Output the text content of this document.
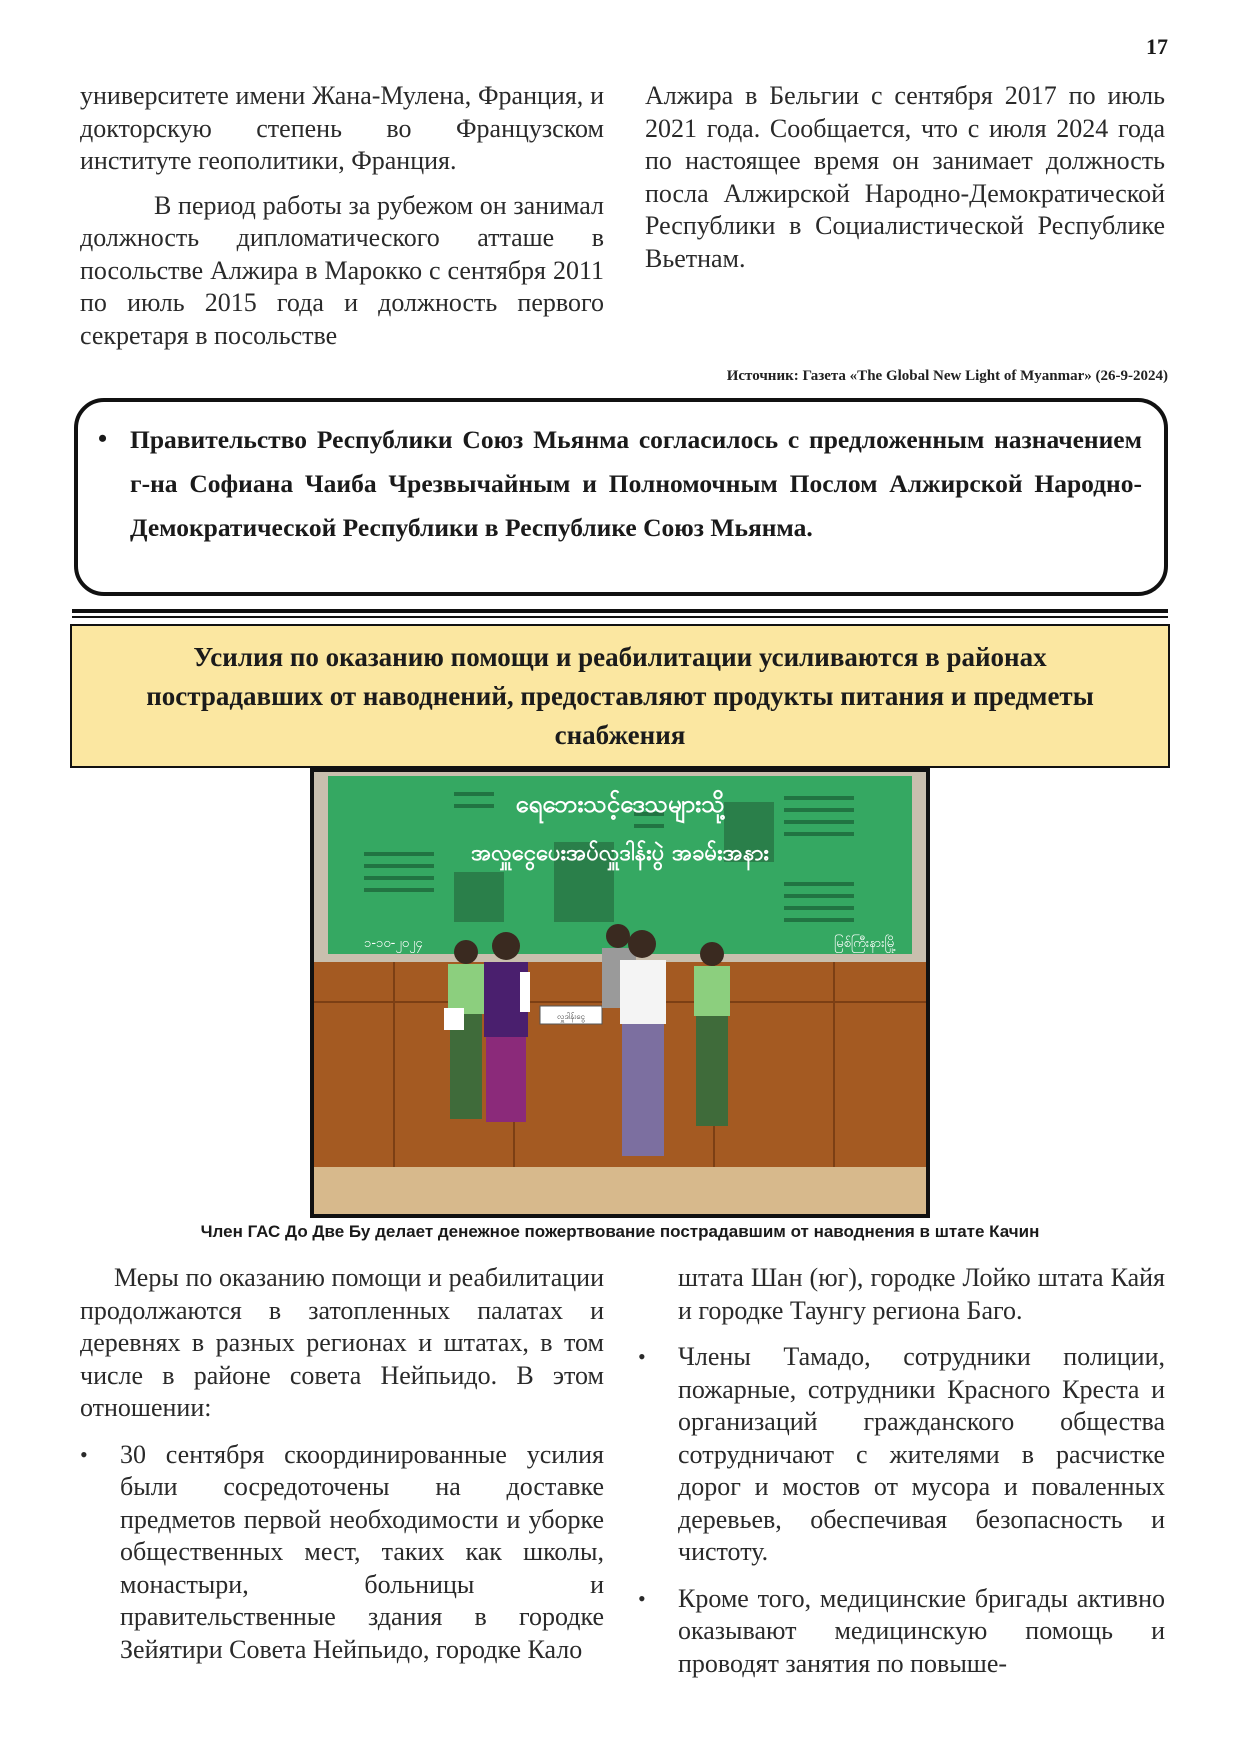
17

университете имени Жана-Мулена, Франция, и докторскую степень во Французском институте геополитики, Франция.

В период работы за рубежом он занимал должность дипломатического атташе в посольстве Алжира в Марокко с сентября 2011 по июль 2015 года и должность первого секретаря в посольстве

Алжира в Бельгии с сентября 2017 по июль 2021 года. Сообщается, что с июля 2024 года по настоящее время он занимает должность посла Алжирской Народно-Демократической Республики в Социалистической Республике Вьетнам.

Источник: Газета «The Global New Light of Myanmar» (26-9-2024)
• Правительство Республики Союз Мьянма согласилось с предложенным назначением г-на Софиана Чаиба Чрезвычайным и Полномочным Послом Алжирской Народно-Демократической Республики в Республике Союз Мьянма.
Усилия по оказанию помощи и реабилитации усиливаются в районах пострадавших от наводнений, предоставляют продукты питания и предметы снабжения
ရေဘေးသင့်ဒေသများသို့
အလှူငွေပေးအပ်လှူဒါန်းပွဲ အခမ်းအနား
၁-၁၀-၂၀၂၄	မြစ်ကြီးနားမြို့
လှူဒါန်းငွေ
Член ГАС До Две Бу делает денежное пожертвование пострадавшим от наводнения в штате Качин

Меры по оказанию помощи и реабилитации продолжаются в затопленных палатах и деревнях в разных регионах и штатах, в том числе в районе совета Нейпьидо. В этом отношении:

• 30 сентября скоординированные усилия были сосредоточены на доставке предметов первой необходимости и уборке общественных мест, таких как школы, монастыри, больницы и правительственные здания в городке Зейятири Совета Нейпьидо, городке Кало
штата Шан (юг), городке Лойко штата Кайя и городке Таунгу региона Баго.
• Члены Тамадо, сотрудники полиции, пожарные, сотрудники Красного Креста и организаций гражданского общества сотрудничают с жителями в расчистке дорог и мостов от мусора и поваленных деревьев, обеспечивая безопасность и чистоту.
• Кроме того, медицинские бригады активно оказывают медицинскую помощь и проводят занятия по повыше-
